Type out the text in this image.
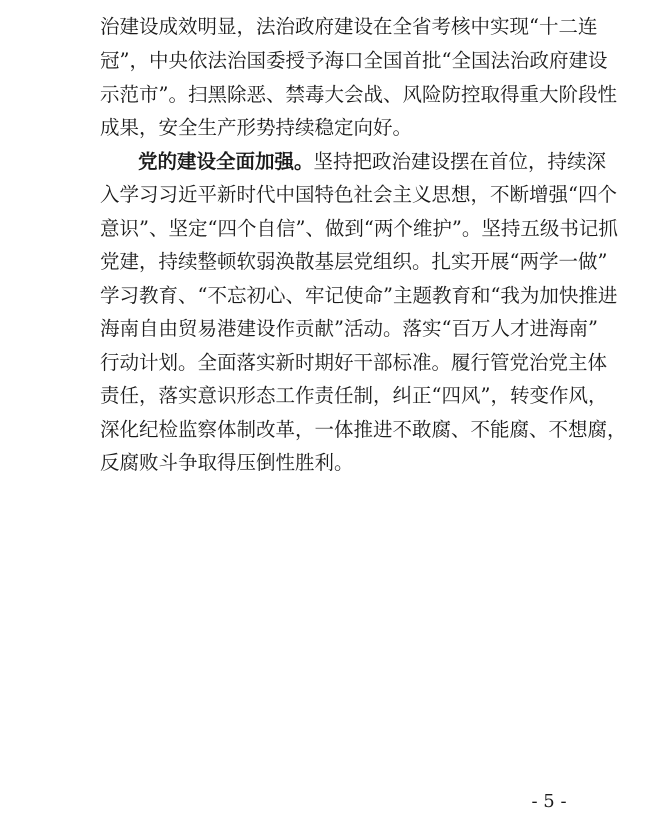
治建设成效明显，法治政府建设在全省考核中实现“十二连
冠”，中央依法治国委授予海口全国首批“全国法治政府建设
示范市”。扫黑除恶、禁毒大会战、风险防控取得重大阶段性
成果，安全生产形势持续稳定向好。
党的建设全面加强。坚持把政治建设摆在首位，持续深
入学习习近平新时代中国特色社会主义思想，不断增强“四个
意识”、坚定“四个自信”、做到“两个维护”。坚持五级书记抓
党建，持续整顿软弱涣散基层党组织。扎实开展“两学一做”
学习教育、“不忘初心、牢记使命”主题教育和“我为加快推进
海南自由贸易港建设作贡献”活动。落实“百万人才进海南”
行动计划。全面落实新时期好干部标准。履行管党治党主体
责任，落实意识形态工作责任制，纠正“四风”，转变作风，
深化纪检监察体制改革，一体推进不敢腐、不能腐、不想腐，
反腐败斗争取得压倒性胜利。
- 5 -
